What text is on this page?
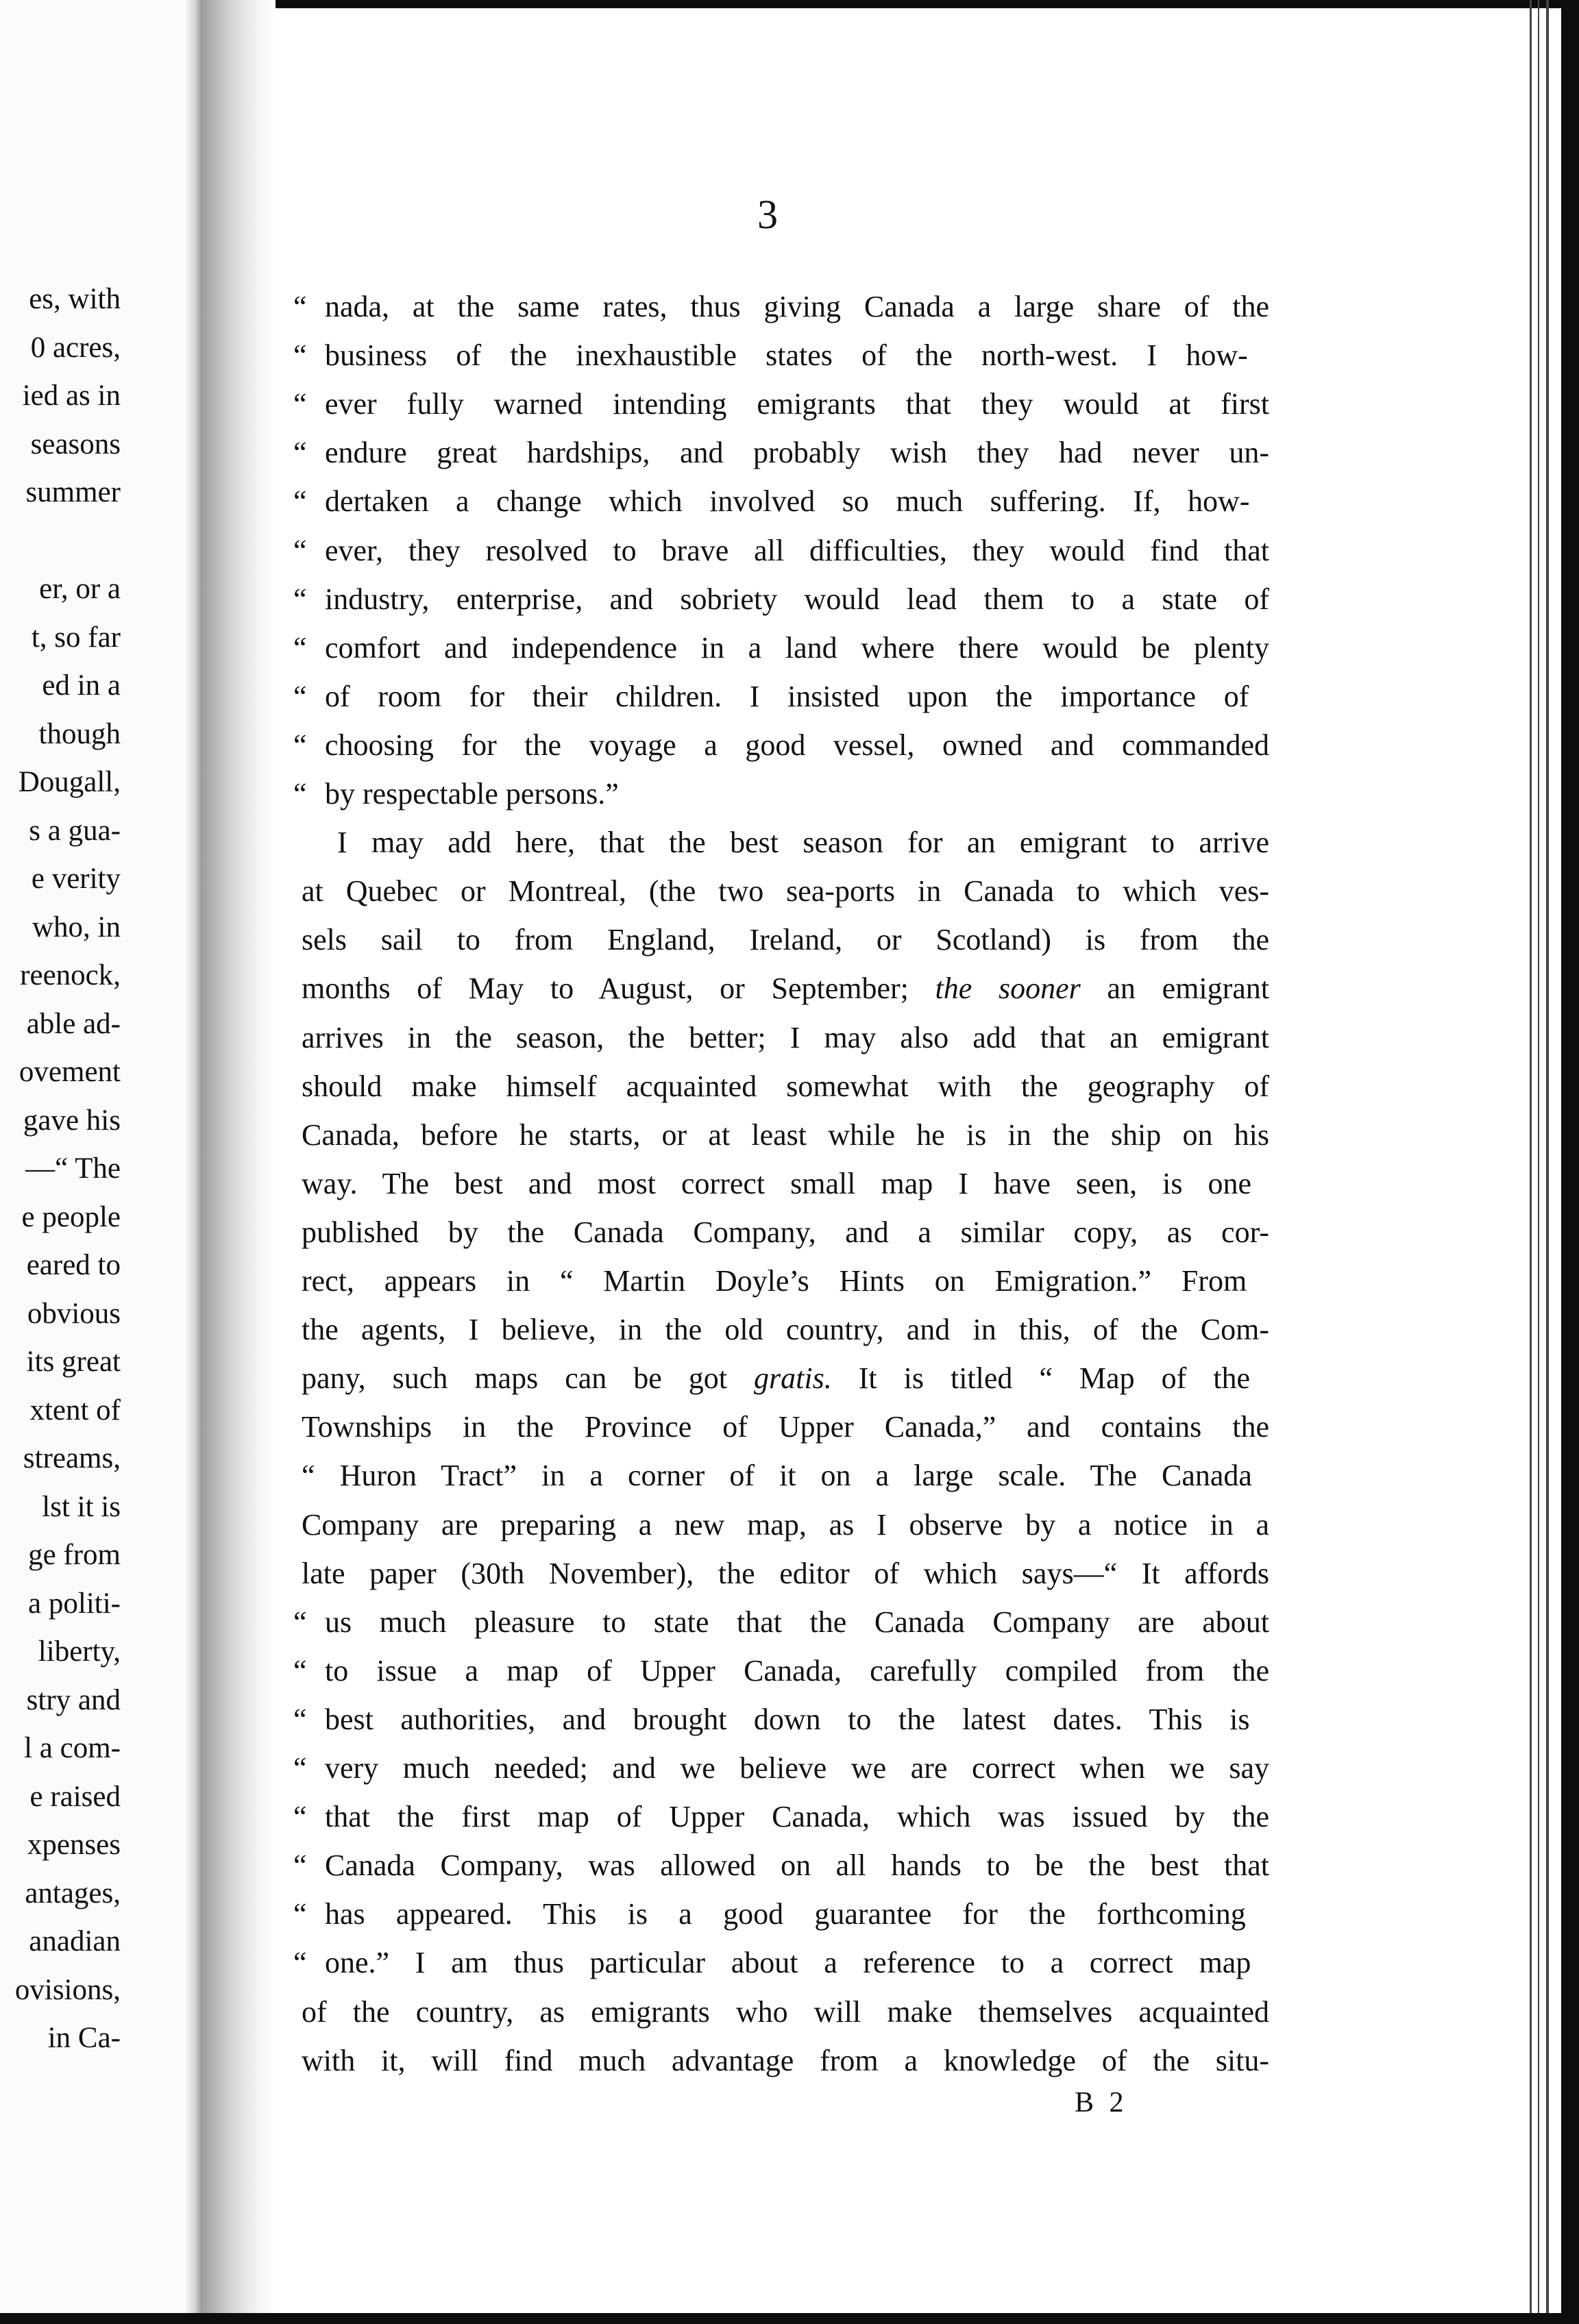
es, with
0 acres,
ied as in
seasons
summer
er, or a
t, so far
ed in a
though
Dougall,
s a gua-
e verity
who, in
reenock,
able ad-
ovement
gave his
—“ The
e people
eared to
obvious
its great
xtent of
streams,
lst it is
ge from
a politi-
liberty,
stry and
l a com-
e raised
xpenses
antages,
anadian
ovisions,
in Ca-
3
“ nada, at the same rates, thus giving Canada a large share of the
“ business of the inexhaustible states of the north-west. I how-
“ ever fully warned intending emigrants that they would at first
“ endure great hardships, and probably wish they had never un-
“ dertaken a change which involved so much suffering. If, how-
“ ever, they resolved to brave all difficulties, they would find that
“ industry, enterprise, and sobriety would lead them to a state of
“ comfort and independence in a land where there would be plenty
“ of room for their children. I insisted upon the importance of
“ choosing for the voyage a good vessel, owned and commanded
“ by respectable persons.”
I may add here, that the best season for an emigrant to arrive
at Quebec or Montreal, (the two sea-ports in Canada to which ves-
sels sail to from England, Ireland, or Scotland) is from the
months of May to August, or September; the sooner an emigrant
arrives in the season, the better; I may also add that an emigrant
should make himself acquainted somewhat with the geography of
Canada, before he starts, or at least while he is in the ship on his
way. The best and most correct small map I have seen, is one
published by the Canada Company, and a similar copy, as cor-
rect, appears in “ Martin Doyle’s Hints on Emigration.” From
the agents, I believe, in the old country, and in this, of the Com-
pany, such maps can be got gratis. It is titled “ Map of the
Townships in the Province of Upper Canada,” and contains the
“ Huron Tract” in a corner of it on a large scale. The Canada
Company are preparing a new map, as I observe by a notice in a
late paper (30th November), the editor of which says—“ It affords
“ us much pleasure to state that the Canada Company are about
“ to issue a map of Upper Canada, carefully compiled from the
“ best authorities, and brought down to the latest dates. This is
“ very much needed; and we believe we are correct when we say
“ that the first map of Upper Canada, which was issued by the
“ Canada Company, was allowed on all hands to be the best that
“ has appeared. This is a good guarantee for the forthcoming
“ one.” I am thus particular about a reference to a correct map
of the country, as emigrants who will make themselves acquainted
with it, will find much advantage from a knowledge of the situ-
B 2
